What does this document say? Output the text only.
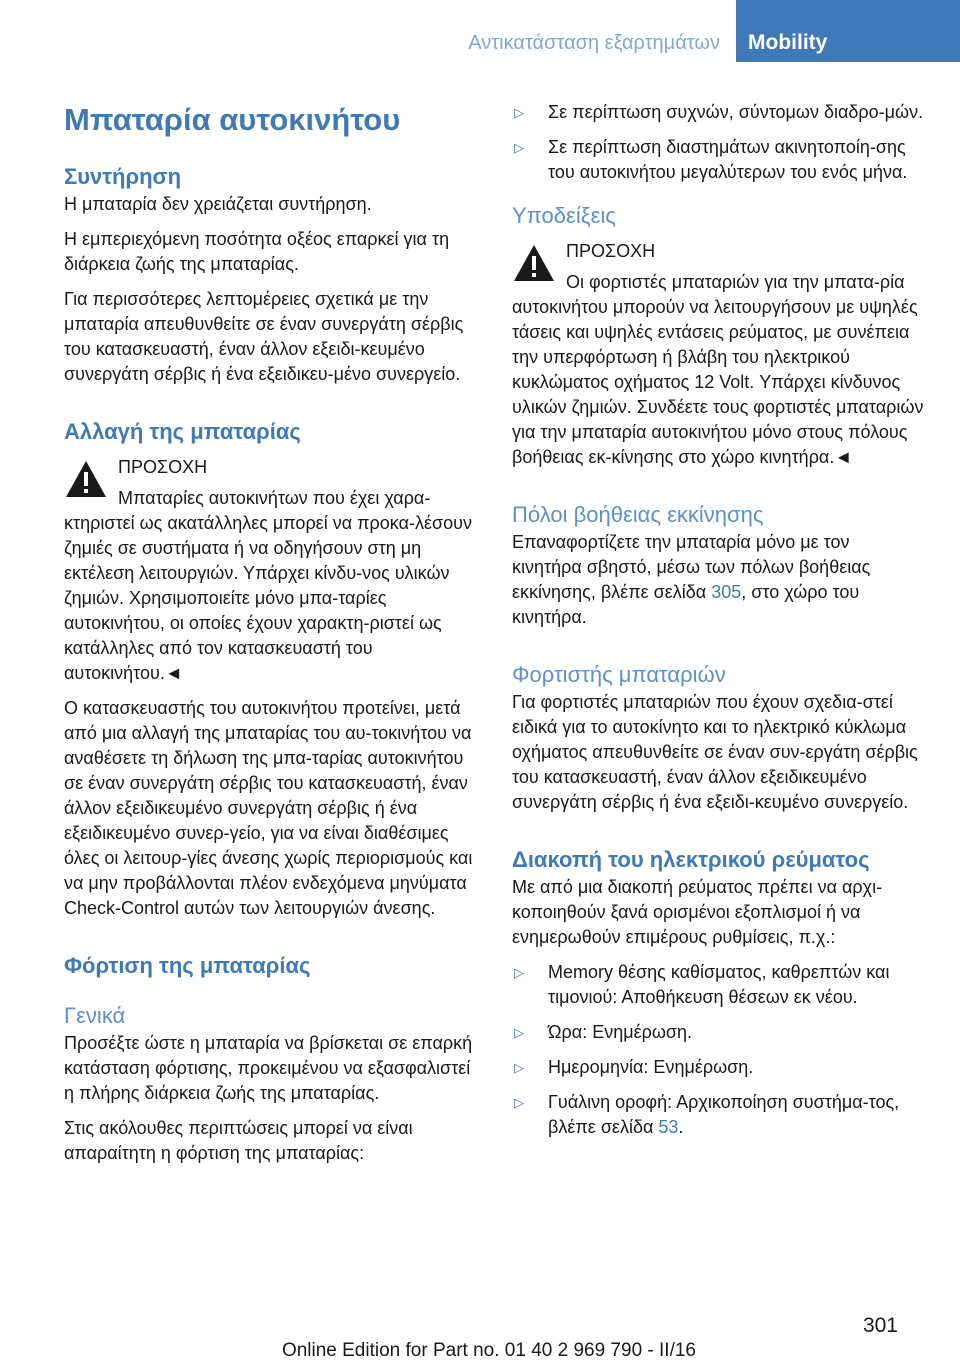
Αντικατάσταση εξαρτημάτων	Mobility
Μπαταρία αυτοκινήτου
Συντήρηση

Η μπαταρία δεν χρειάζεται συντήρηση.

Η εμπεριεχόμενη ποσότητα οξέος επαρκεί για τη διάρκεια ζωής της μπαταρίας.

Για περισσότερες λεπτομέρειες σχετικά με την μπαταρία απευθυνθείτε σε έναν συνεργάτη σέρβις του κατασκευαστή, έναν άλλον εξειδι‐κευμένο συνεργάτη σέρβις ή ένα εξειδικευ‐μένο συνεργείο.

Αλλαγή της μπαταρίας
ΠΡΟΣΟΧΗ
Μπαταρίες αυτοκινήτων που έχει χαρα‐κτηριστεί ως ακατάλληλες μπορεί να προκα‐λέσουν ζημιές σε συστήματα ή να οδηγήσουν στη μη εκτέλεση λειτουργιών. Υπάρχει κίνδυ‐νος υλικών ζημιών. Χρησιμοποιείτε μόνο μπα‐ταρίες αυτοκινήτου, οι οποίες έχουν χαρακτη‐ριστεί ως κατάλληλες από τον κατασκευαστή του αυτοκινήτου.◄

Ο κατασκευαστής του αυτοκινήτου προτείνει, μετά από μια αλλαγή της μπαταρίας του αυ‐τοκινήτου να αναθέσετε τη δήλωση της μπα‐ταρίας αυτοκινήτου σε έναν συνεργάτη σέρβις του κατασκευαστή, έναν άλλον εξειδικευμένο συνεργάτη σέρβις ή ένα εξειδικευμένο συνερ‐γείο, για να είναι διαθέσιμες όλες οι λειτουρ‐γίες άνεσης χωρίς περιορισμούς και να μην προβάλλονται πλέον ενδεχόμενα μηνύματα Check-Control αυτών των λειτουργιών άνεσης.

Φόρτιση της μπαταρίας
Γενικά

Προσέξτε ώστε η μπαταρία να βρίσκεται σε επαρκή κατάσταση φόρτισης, προκειμένου να εξασφαλιστεί η πλήρης διάρκεια ζωής της μπαταρίας.

Στις ακόλουθες περιπτώσεις μπορεί να είναι απαραίτητη η φόρτιση της μπαταρίας:

▷ Σε περίπτωση συχνών, σύντομων διαδρο‐μών.
▷ Σε περίπτωση διαστημάτων ακινητοποίη‐σης του αυτοκινήτου μεγαλύτερων του ενός μήνα.
Υποδείξεις
ΠΡΟΣΟΧΗ
Οι φορτιστές μπαταριών για την μπατα‐ρία αυτοκινήτου μπορούν να λειτουργήσουν με υψηλές τάσεις και υψηλές εντάσεις ρεύματος, με συνέπεια την υπερφόρτωση ή βλάβη του ηλεκτρικού κυκλώματος οχήματος 12 Volt. Υπάρχει κίνδυνος υλικών ζημιών. Συνδέετε τους φορτιστές μπαταριών για την μπαταρία αυτοκινήτου μόνο στους πόλους βοήθειας εκ‐κίνησης στο χώρο κινητήρα.◄
Πόλοι βοήθειας εκκίνησης

Επαναφορτίζετε την μπαταρία μόνο με τον κινητήρα σβηστό, μέσω των πόλων βοήθειας εκκίνησης, βλέπε σελίδα 305, στο χώρο του κινητήρα.

Φορτιστής μπαταριών

Για φορτιστές μπαταριών που έχουν σχεδια‐στεί ειδικά για το αυτοκίνητο και το ηλεκτρικό κύκλωμα οχήματος απευθυνθείτε σε έναν συν‐εργάτη σέρβις του κατασκευαστή, έναν άλλον εξειδικευμένο συνεργάτη σέρβις ή ένα εξειδι‐κευμένο συνεργείο.

Διακοπή του ηλεκτρικού ρεύματος

Με από μια διακοπή ρεύματος πρέπει να αρχι‐κοποιηθούν ξανά ορισμένοι εξοπλισμοί ή να ενημερωθούν επιμέρους ρυθμίσεις, π.χ.:

▷ Memory θέσης καθίσματος, καθρεπτών και τιμονιού: Αποθήκευση θέσεων εκ νέου.
▷ Ώρα: Ενημέρωση.
▷ Ημερομηνία: Ενημέρωση.
▷ Γυάλινη οροφή: Αρχικοποίηση συστήμα‐τος, βλέπε σελίδα 53.
301
Online Edition for Part no. 01 40 2 969 790 - II/16
